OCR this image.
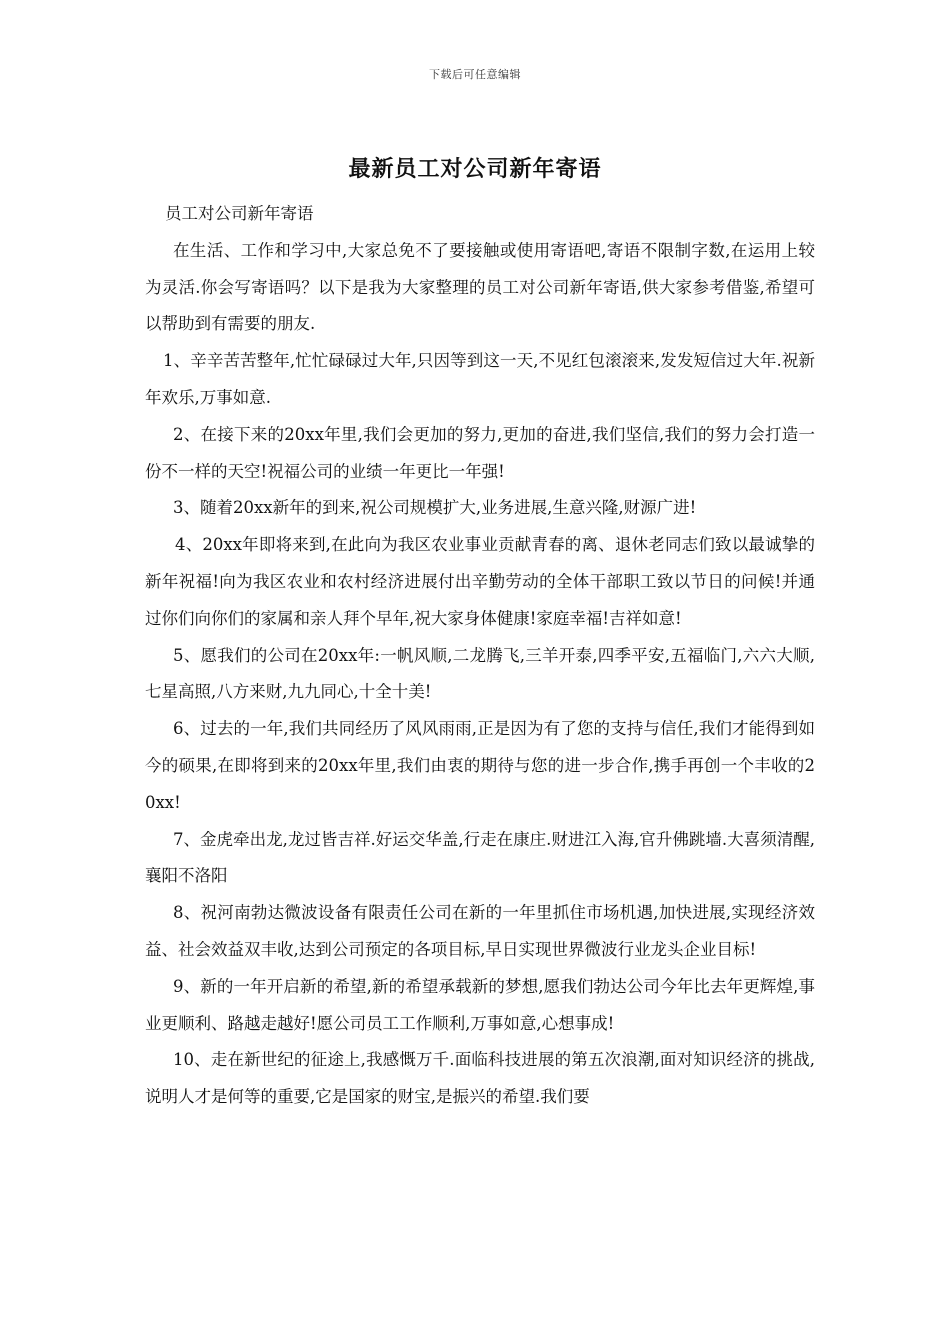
下载后可任意编辑
最新员工对公司新年寄语

员工对公司新年寄语

在生活、工作和学习中,大家总免不了要接触或使用寄语吧,寄语不限制字数,在运用上较为灵活.你会写寄语吗？以下是我为大家整理的员工对公司新年寄语,供大家参考借鉴,希望可以帮助到有需要的朋友.

1、辛辛苦苦整年,忙忙碌碌过大年,只因等到这一天,不见红包滚滚来,发发短信过大年.祝新年欢乐,万事如意.

2、在接下来的20xx年里,我们会更加的努力,更加的奋进,我们坚信,我们的努力会打造一份不一样的天空!祝福公司的业绩一年更比一年强!

3、随着20xx新年的到来,祝公司规模扩大,业务进展,生意兴隆,财源广进!

4、20xx年即将来到,在此向为我区农业事业贡献青春的离、退休老同志们致以最诚挚的新年祝福!向为我区农业和农村经济进展付出辛勤劳动的全体干部职工致以节日的问候!并通过你们向你们的家属和亲人拜个早年,祝大家身体健康!家庭幸福!吉祥如意!

5、愿我们的公司在20xx年:一帆风顺,二龙腾飞,三羊开泰,四季平安,五福临门,六六大顺,七星高照,八方来财,九九同心,十全十美!

6、过去的一年,我们共同经历了风风雨雨,正是因为有了您的支持与信任,我们才能得到如今的硕果,在即将到来的20xx年里,我们由衷的期待与您的进一步合作,携手再创一个丰收的20xx!

7、金虎牵出龙,龙过皆吉祥.好运交华盖,行走在康庄.财进江入海,官升佛跳墙.大喜须清醒,襄阳不洛阳

8、祝河南勃达微波设备有限责任公司在新的一年里抓住市场机遇,加快进展,实现经济效益、社会效益双丰收,达到公司预定的各项目标,早日实现世界微波行业龙头企业目标!

9、新的一年开启新的希望,新的希望承载新的梦想,愿我们勃达公司今年比去年更辉煌,事业更顺利、路越走越好!愿公司员工工作顺利,万事如意,心想事成!

10、走在新世纪的征途上,我感慨万千.面临科技进展的第五次浪潮,面对知识经济的挑战,说明人才是何等的重要,它是国家的财宝,是振兴的希望.我们要
